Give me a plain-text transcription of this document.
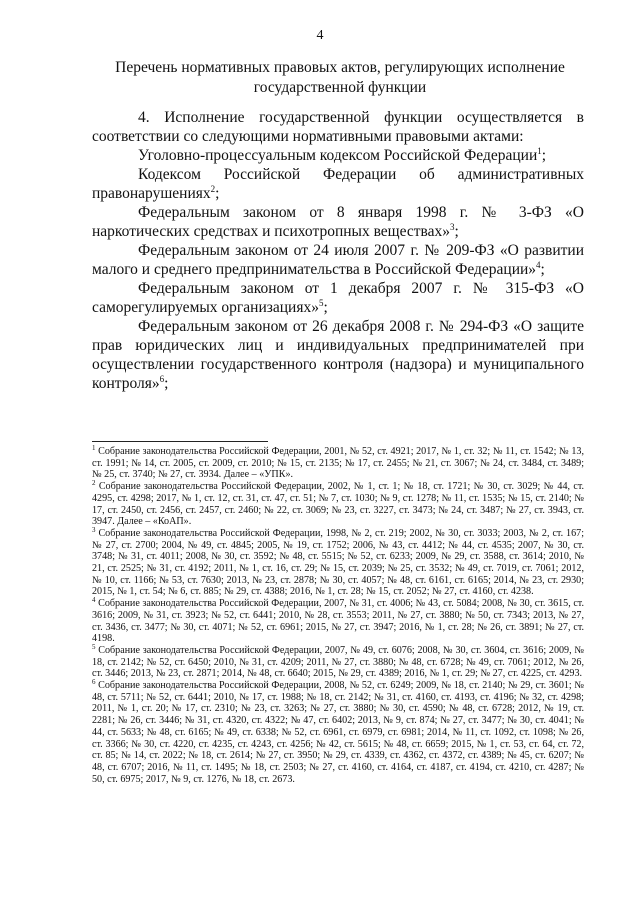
4
Перечень нормативных правовых актов, регулирующих исполнение государственной функции

4. Исполнение государственной функции осуществляется в соответствии со следующими нормативными правовыми актами:

Уголовно-процессуальным кодексом Российской Федерации$^1$;

Кодексом Российской Федерации об административных правонарушениях$^2$;

Федеральным законом от 8 января 1998 г. № 3-ФЗ «О наркотических средствах и психотропных веществах»$^3$;

Федеральным законом от 24 июля 2007 г. № 209-ФЗ «О развитии малого и среднего предпринимательства в Российской Федерации»$^4$;

Федеральным законом от 1 декабря 2007 г. № 315-ФЗ «О саморегулируемых организациях»$^5$;

Федеральным законом от 26 декабря 2008 г. № 294-ФЗ «О защите прав юридических лиц и индивидуальных предпринимателей при осуществлении государственного контроля (надзора) и муниципального контроля»$^6$;

$^1$ Собрание законодательства Российской Федерации, 2001, № 52, ст. 4921; 2017, № 1, ст. 32; № 11, ст. 1542; № 13, ст. 1991; № 14, ст. 2005, ст. 2009, ст. 2010; № 15, ст. 2135; № 17, ст. 2455; № 21, ст. 3067; № 24, ст. 3484, ст. 3489; № 25, ст. 3740; № 27, ст. 3934. Далее – «УПК».

$^2$ Собрание законодательства Российской Федерации, 2002, № 1, ст. 1; № 18, ст. 1721; № 30, ст. 3029; № 44, ст. 4295, ст. 4298; 2017, № 1, ст. 12, ст. 31, ст. 47, ст. 51; № 7, ст. 1030; № 9, ст. 1278; № 11, ст. 1535; № 15, ст. 2140; № 17, ст. 2450, ст. 2456, ст. 2457, ст. 2460; № 22, ст. 3069; № 23, ст. 3227, ст. 3473; № 24, ст. 3487; № 27, ст. 3943, ст. 3947. Далее – «КоАП».

$^3$ Собрание законодательства Российской Федерации, 1998, № 2, ст. 219; 2002, № 30, ст. 3033; 2003, № 2, ст. 167; № 27, ст. 2700; 2004, № 49, ст. 4845; 2005, № 19, ст. 1752; 2006, № 43, ст. 4412; № 44, ст. 4535; 2007, № 30, ст. 3748; № 31, ст. 4011; 2008, № 30, ст. 3592; № 48, ст. 5515; № 52, ст. 6233; 2009, № 29, ст. 3588, ст. 3614; 2010, № 21, ст. 2525; № 31, ст. 4192; 2011, № 1, ст. 16, ст. 29; № 15, ст. 2039; № 25, ст. 3532; № 49, ст. 7019, ст. 7061; 2012, № 10, ст. 1166; № 53, ст. 7630; 2013, № 23, ст. 2878; № 30, ст. 4057; № 48, ст. 6161, ст. 6165; 2014, № 23, ст. 2930; 2015, № 1, ст. 54; № 6, ст. 885; № 29, ст. 4388; 2016, № 1, ст. 28; № 15, ст. 2052; № 27, ст. 4160, ст. 4238.

$^4$ Собрание законодательства Российской Федерации, 2007, № 31, ст. 4006; № 43, ст. 5084; 2008, № 30, ст. 3615, ст. 3616; 2009, № 31, ст. 3923; № 52, ст. 6441; 2010, № 28, ст. 3553; 2011, № 27, ст. 3880; № 50, ст. 7343; 2013, № 27, ст. 3436, ст. 3477; № 30, ст. 4071; № 52, ст. 6961; 2015, № 27, ст. 3947; 2016, № 1, ст. 28; № 26, ст. 3891; № 27, ст. 4198.

$^5$ Собрание законодательства Российской Федерации, 2007, № 49, ст. 6076; 2008, № 30, ст. 3604, ст. 3616; 2009, № 18, ст. 2142; № 52, ст. 6450; 2010, № 31, ст. 4209; 2011, № 27, ст. 3880; № 48, ст. 6728; № 49, ст. 7061; 2012, № 26, ст. 3446; 2013, № 23, ст. 2871; 2014, № 48, ст. 6640; 2015, № 29, ст. 4389; 2016, № 1, ст. 29; № 27, ст. 4225, ст. 4293.

$^6$ Собрание законодательства Российской Федерации, 2008, № 52, ст. 6249; 2009, № 18, ст. 2140; № 29, ст. 3601; № 48, ст. 5711; № 52, ст. 6441; 2010, № 17, ст. 1988; № 18, ст. 2142; № 31, ст. 4160, ст. 4193, ст. 4196; № 32, ст. 4298; 2011, № 1, ст. 20; № 17, ст. 2310; № 23, ст. 3263; № 27, ст. 3880; № 30, ст. 4590; № 48, ст. 6728; 2012, № 19, ст. 2281; № 26, ст. 3446; № 31, ст. 4320, ст. 4322; № 47, ст. 6402; 2013, № 9, ст. 874; № 27, ст. 3477; № 30, ст. 4041; № 44, ст. 5633; № 48, ст. 6165; № 49, ст. 6338; № 52, ст. 6961, ст. 6979, ст. 6981; 2014, № 11, ст. 1092, ст. 1098; № 26, ст. 3366; № 30, ст. 4220, ст. 4235, ст. 4243, ст. 4256; № 42, ст. 5615; № 48, ст. 6659; 2015, № 1, ст. 53, ст. 64, ст. 72, ст. 85; № 14, ст. 2022; № 18, ст. 2614; № 27, ст. 3950; № 29, ст. 4339, ст. 4362, ст. 4372, ст. 4389; № 45, ст. 6207; № 48, ст. 6707; 2016, № 11, ст. 1495; № 18, ст. 2503; № 27, ст. 4160, ст. 4164, ст. 4187, ст. 4194, ст. 4210, ст. 4287; № 50, ст. 6975; 2017, № 9, ст. 1276, № 18, ст. 2673.
